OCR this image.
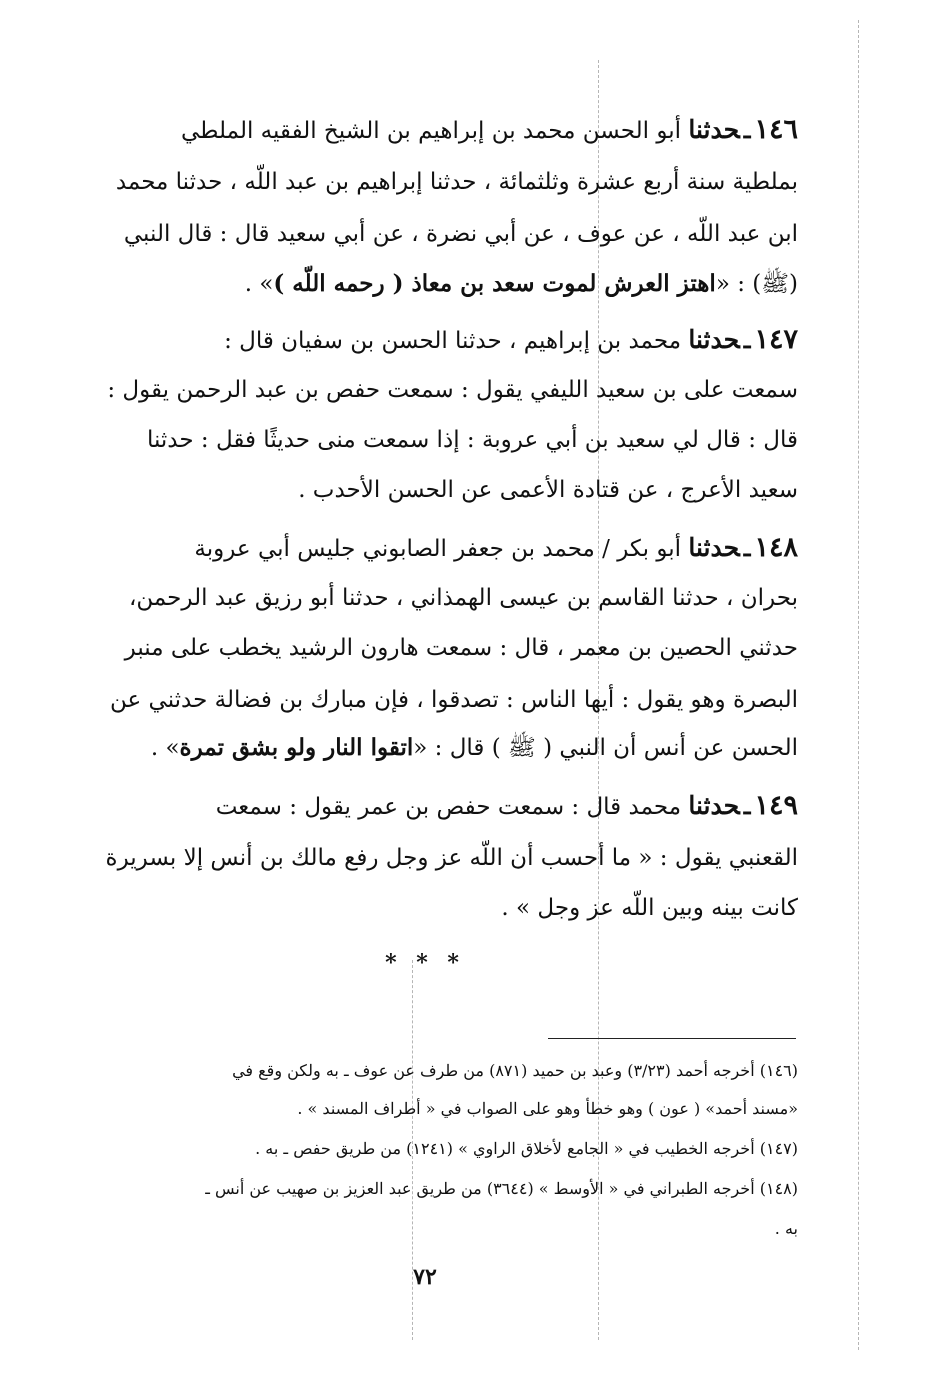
١٤٦ـحدثنا أبو الحسن محمد بن إبراهيم بن الشيخ الفقيه الملطي
بملطية سنة أربع عشرة وثلثمائة ، حدثنا إبراهيم بن عبد اللّه ، حدثنا محمد
ابن عبد اللّه ، عن عوف ، عن أبي نضرة ، عن أبي سعيد قال : قال النبي
(ﷺ) : «اهتز العرش لموت سعد بن معاذ ( رحمه اللّه )» .
١٤٧ـحدثنا محمد بن إبراهيم ، حدثنا الحسن بن سفيان قال :
سمعت على بن سعيد الليفي يقول : سمعت حفص بن عبد الرحمن يقول :
قال : قال لي سعيد بن أبي عروبة : إذا سمعت منى حديثًا فقل : حدثنا
سعيد الأعرج ، عن قتادة الأعمى عن الحسن الأحدب .
١٤٨ـحدثنا أبو بكر / محمد بن جعفر الصابوني جليس أبي عروبة
بحران ، حدثنا القاسم بن عيسى الهمذاني ، حدثنا أبو رزيق عبد الرحمن،
حدثني الحصين بن معمر ، قال : سمعت هارون الرشيد يخطب على منبر
البصرة وهو يقول : أيها الناس : تصدقوا ، فإن مبارك بن فضالة حدثني عن
الحسن عن أنس أن النبي ( ﷺ ) قال : «اتقوا النار ولو بشق تمرة» .
١٤٩ـحدثنا محمد قال : سمعت حفص بن عمر يقول : سمعت
القعنبي يقول : « ما أحسب أن اللّه عز وجل رفع مالك بن أنس إلا بسريرة
كانت بينه وبين اللّه عز وجل » .
* * *
(١٤٦) أخرجه أحمد (٣/٢٣) وعبد بن حميد (٨٧١) من طرف عن عوف ـ به ولكن وقع في
«مسند أحمد» ( عون ) وهو خطأ وهو على الصواب في « أطراف المسند » .
(١٤٧) أخرجه الخطيب في « الجامع لأخلاق الراوي » (١٢٤١) من طريق حفص ـ به .
(١٤٨) أخرجه الطبراني في « الأوسط » (٣٦٤٤) من طريق عبد العزيز بن صهيب عن أنس ـ
به .
٧٢
